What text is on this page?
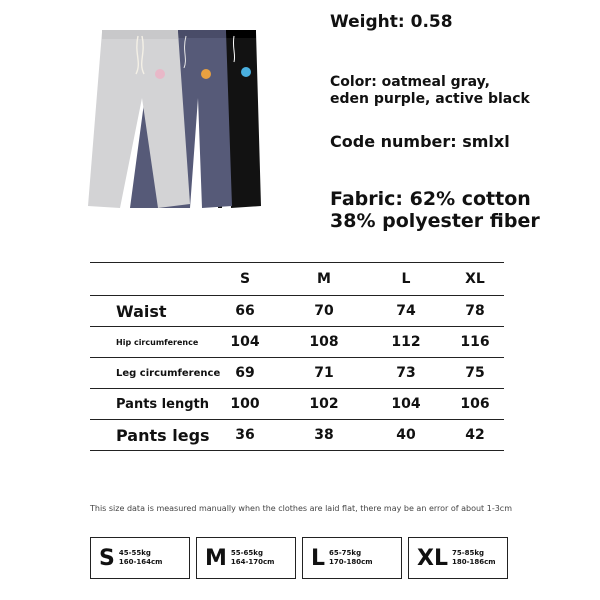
Weight: 0.58

Color: oatmeal gray,
eden purple, active black

Code number: smlxl

Fabric: 62% cotton
38% polyester fiber
	S	M	L	XL
Waist	66	70	74	78
Hip circumference	104	108	112	116
Leg circumference	69	71	73	75
Pants length	100	102	104	106
Pants legs	36	38	40	42

This size data is measured manually when the clothes are laid flat, there may be an error of about 1-3cm

S 45-55kg
160-164cm M 55-65kg
164-170cm L 65-75kg
170-180cm XL 75-85kg
180-186cm
